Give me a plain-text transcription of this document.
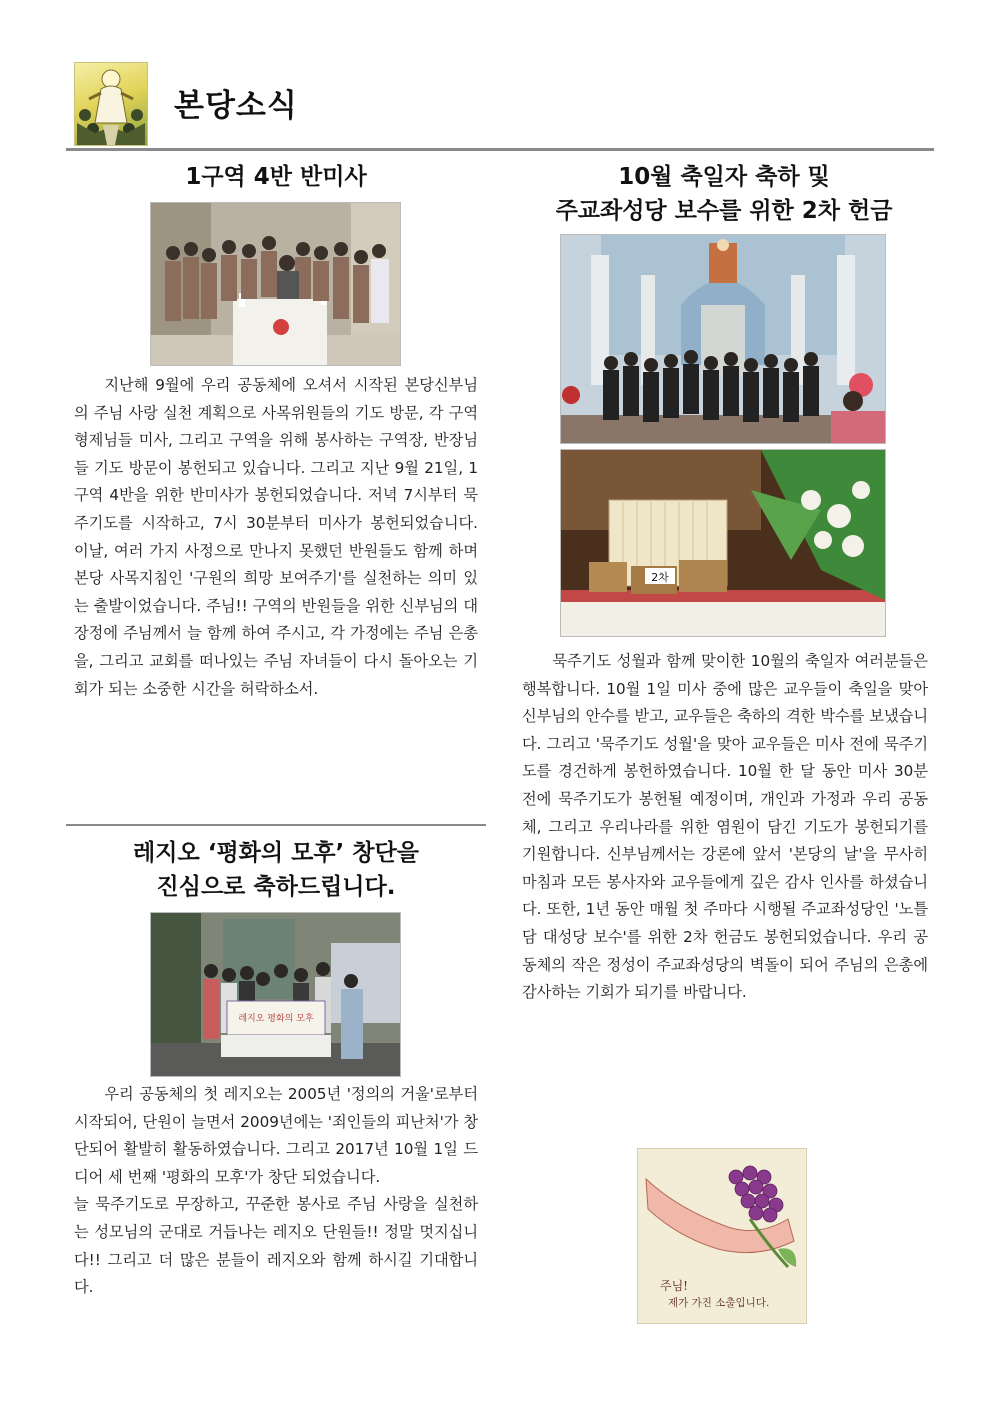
본당소식
1구역 4반 반미사

지난해 9월에 우리 공동체에 오셔서 시작된 본당신부님의 주님 사랑 실천 계획으로 사목위원들의 기도 방문, 각 구역 형제님들 미사, 그리고 구역을 위해 봉사하는 구역장, 반장님들 기도 방문이 봉헌되고 있습니다. 그리고 지난 9월 21일, 1구역 4반을 위한 반미사가 봉헌되었습니다. 저녁 7시부터 묵주기도를 시작하고, 7시 30분부터 미사가 봉헌되었습니다. 이날, 여러 가지 사정으로 만나지 못했던 반원들도 함께 하며 본당 사목지침인 '구원의 희망 보여주기'를 실천하는 의미 있는 출발이었습니다. 주님!! 구역의 반원들을 위한 신부님의 대장정에 주님께서 늘 함께 하여 주시고, 각 가정에는 주님 은총을, 그리고 교회를 떠나있는 주님 자녀들이 다시 돌아오는 기회가 되는 소중한 시간을 허락하소서.

레지오 ‘평화의 모후’ 창단을
진심으로 축하드립니다.
레지오 평화의 모후

우리 공동체의 첫 레지오는 2005년 '정의의 거울'로부터 시작되어, 단원이 늘면서 2009년에는 '죄인들의 피난처'가 창단되어 활발히 활동하였습니다. 그리고 2017년 10월 1일 드디어 세 번째 '평화의 모후'가 창단 되었습니다.

늘 묵주기도로 무장하고, 꾸준한 봉사로 주님 사랑을 실천하는 성모님의 군대로 거듭나는 레지오 단원들!! 정말 멋지십니다!! 그리고 더 많은 분들이 레지오와 함께 하시길 기대합니다.

10월 축일자 축하 및
주교좌성당 보수를 위한 2차 헌금
2차

묵주기도 성월과 함께 맞이한 10월의 축일자 여러분들은 행복합니다. 10월 1일 미사 중에 많은 교우들이 축일을 맞아 신부님의 안수를 받고, 교우들은 축하의 격한 박수를 보냈습니다. 그리고 '묵주기도 성월'을 맞아 교우들은 미사 전에 묵주기도를 경건하게 봉헌하였습니다. 10월 한 달 동안 미사 30분 전에 묵주기도가 봉헌될 예정이며, 개인과 가정과 우리 공동체, 그리고 우리나라를 위한 염원이 담긴 기도가 봉헌되기를 기원합니다. 신부님께서는 강론에 앞서 '본당의 날'을 무사히 마침과 모든 봉사자와 교우들에게 깊은 감사 인사를 하셨습니다. 또한, 1년 동안 매월 첫 주마다 시행될 주교좌성당인 '노틀담 대성당 보수'를 위한 2차 헌금도 봉헌되었습니다. 우리 공동체의 작은 정성이 주교좌성당의 벽돌이 되어 주님의 은총에 감사하는 기회가 되기를 바랍니다.

주님!
제가 가진 소출입니다.
